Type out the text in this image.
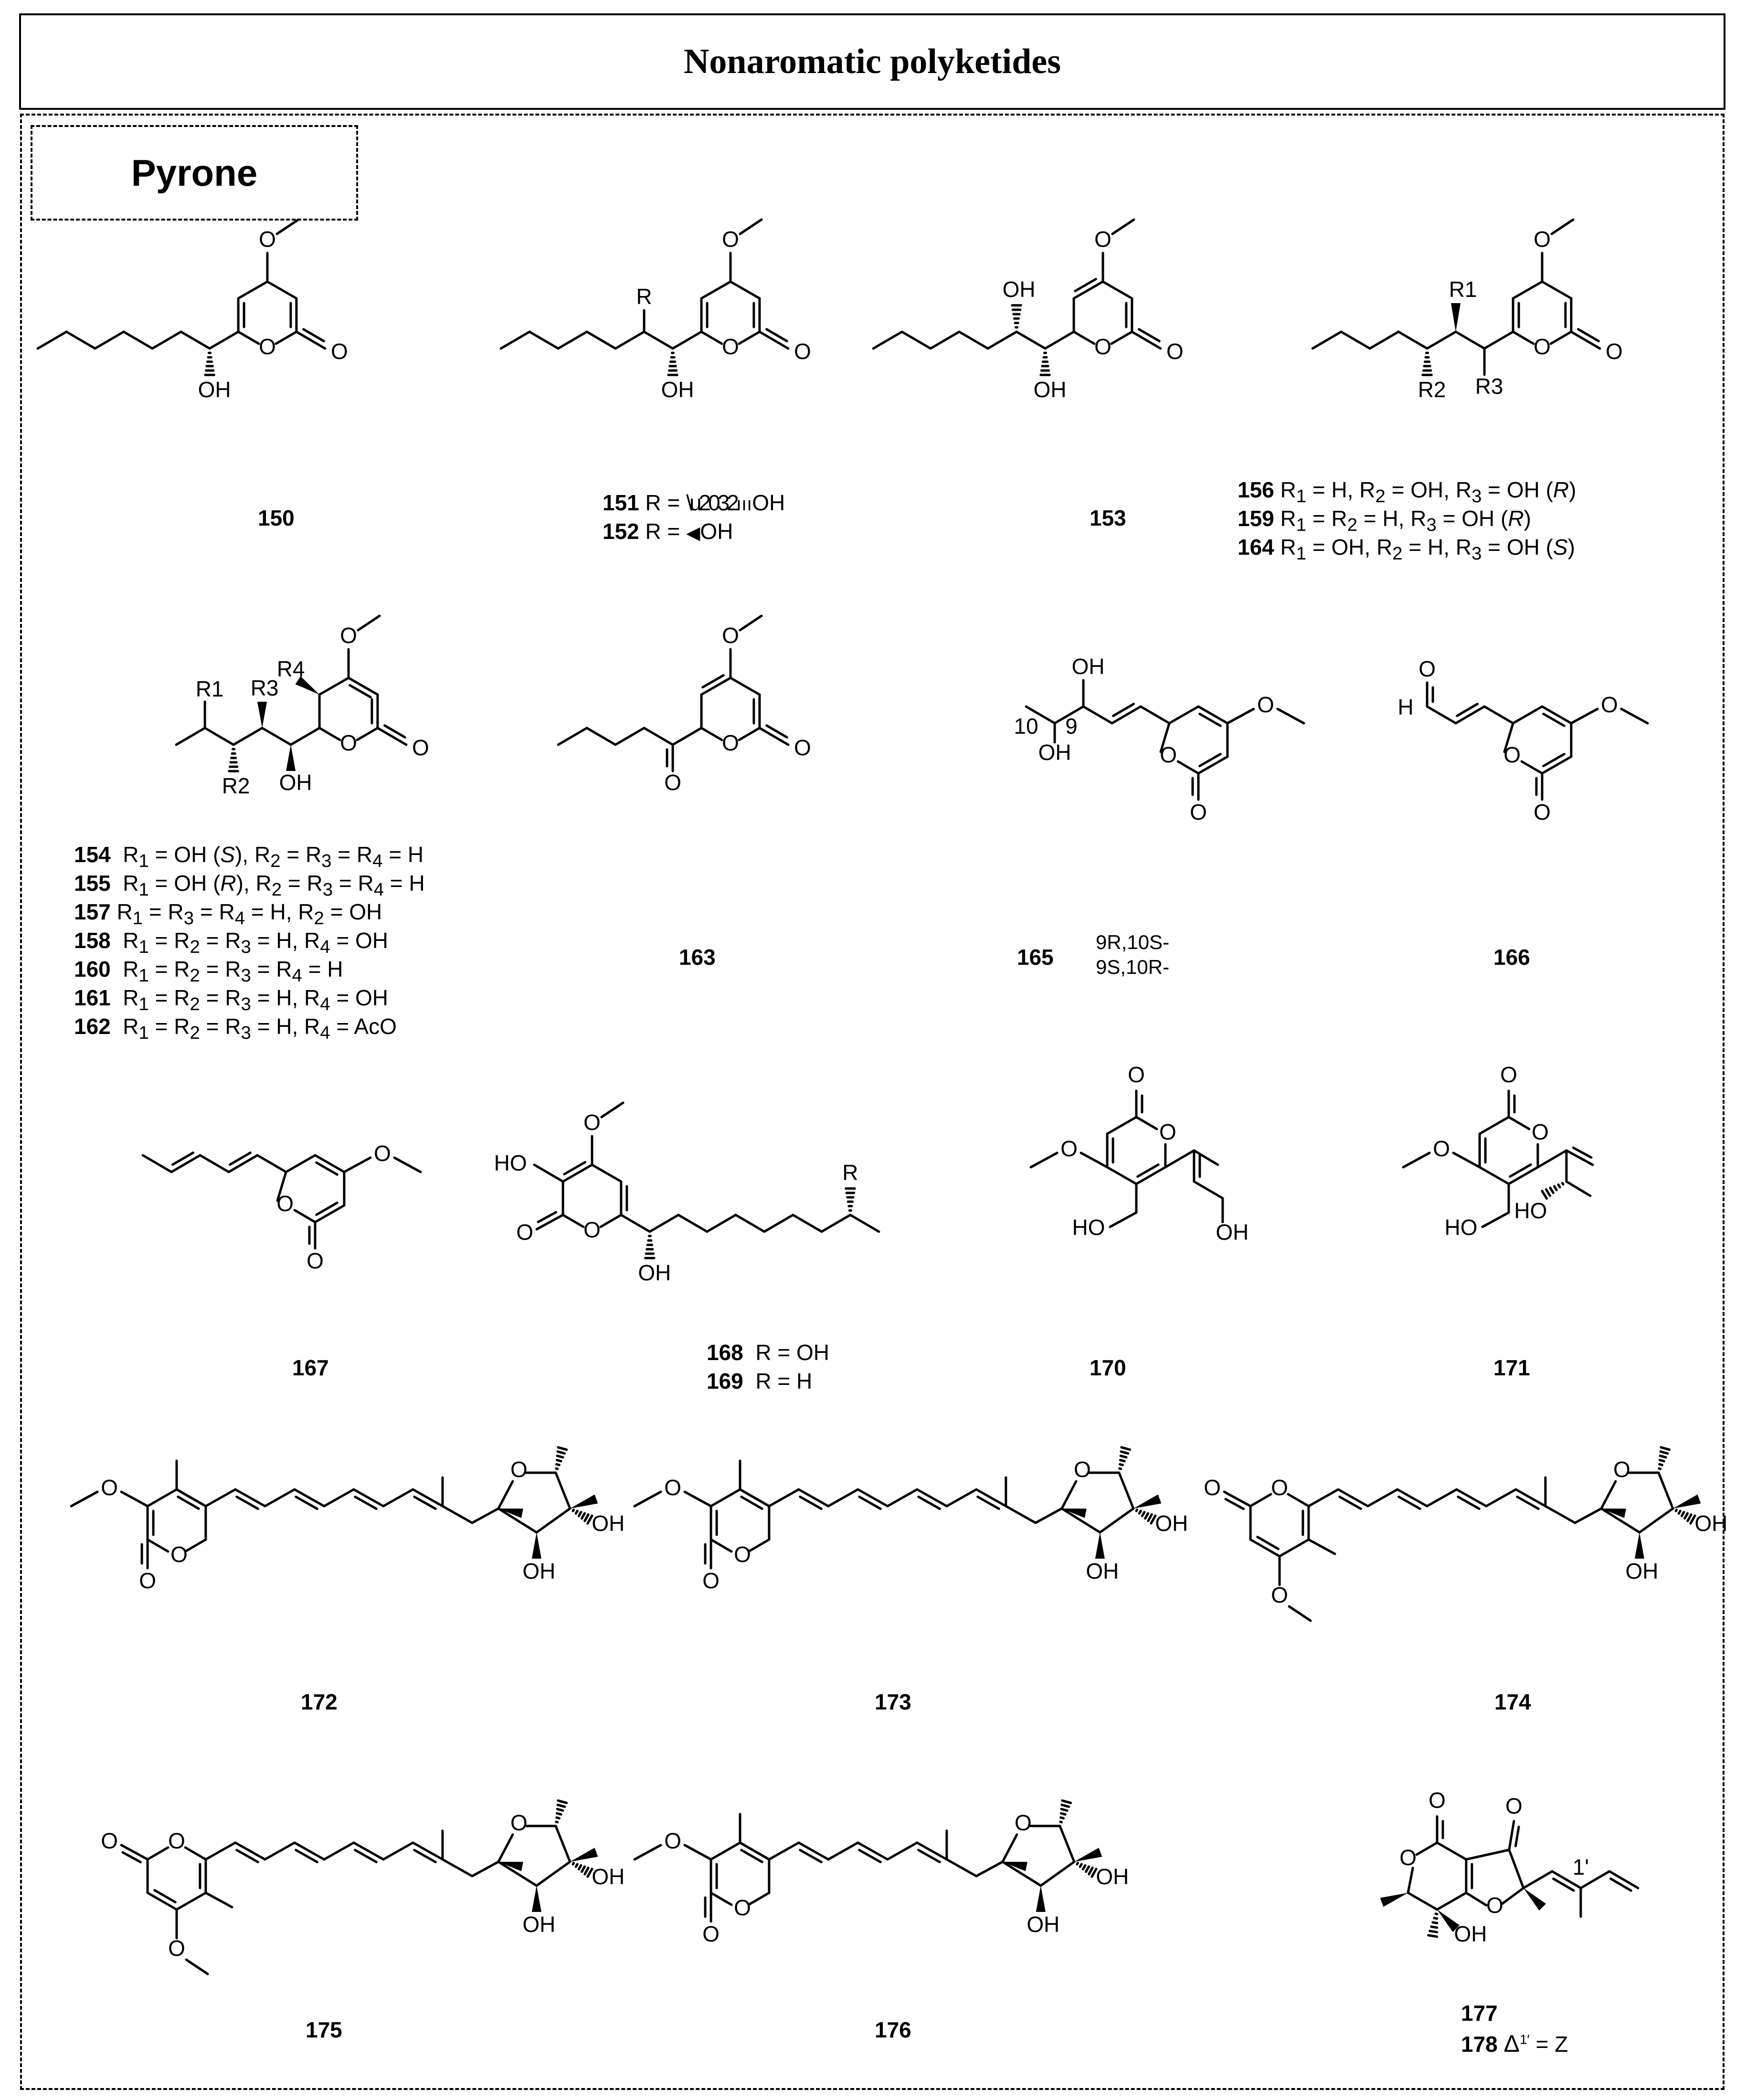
Nonaromatic polyketides
Pyrone
O	O
O
OH
O	O
O
OH
R
O	O
O
OH
OH
O	O
O
R3
R1
R2
O	O
O
R4
OH
R3
R2
R1
O	O
O
O
O
O
O
OH
OH
9
10
O
O
O
O
H
O
O
O
O
O
O
HO
OH
R
O
O
O
HO	OH
O
O
O
HO
HO
O
O
O
O
OH
OH
O
O
O
O
OH
OH
O
O
O
O
OH
OH
O
O
O
O
OH
OH
O
O
O
O
OH
OH
O
O
OH
O
O
1'
150
151 R = \u2032ıııOH
152 R = ◀OH
153
156 $R_1 = H$, $R_2$ = OH, $R_3$ = OH (R)
159 $R_1 = R_2 = H$, $R_3$ = OH (R)
164 $R_1$ = OH, $R_2 = H$, $R_3$ = OH (S)
154  $R_1$ = OH (S), $R_2 = R_3 = R_4 = H$
155  $R_1$ = OH (R), $R_2 = R_3 = R_4 = H$
157 $R_1 = R_3 = R_4 = H$, $R_2$ = OH
158  $R_1 = R_2 = R_3 = H$, $R_4$ = OH
160  $R_1 = R_2 = R_3 = R_4 = H$
161  $R_1 = R_2 = R_3 = H$, $R_4$ = OH
162  $R_1 = R_2 = R_3 = H$, $R_4$ = AcO
163	165
9R,10S-
9S,10R-	166
167
168 R = OH
169 R = H
170	171
172	173	174
175	176
177
178 $\Delta^{1'} = Z$
